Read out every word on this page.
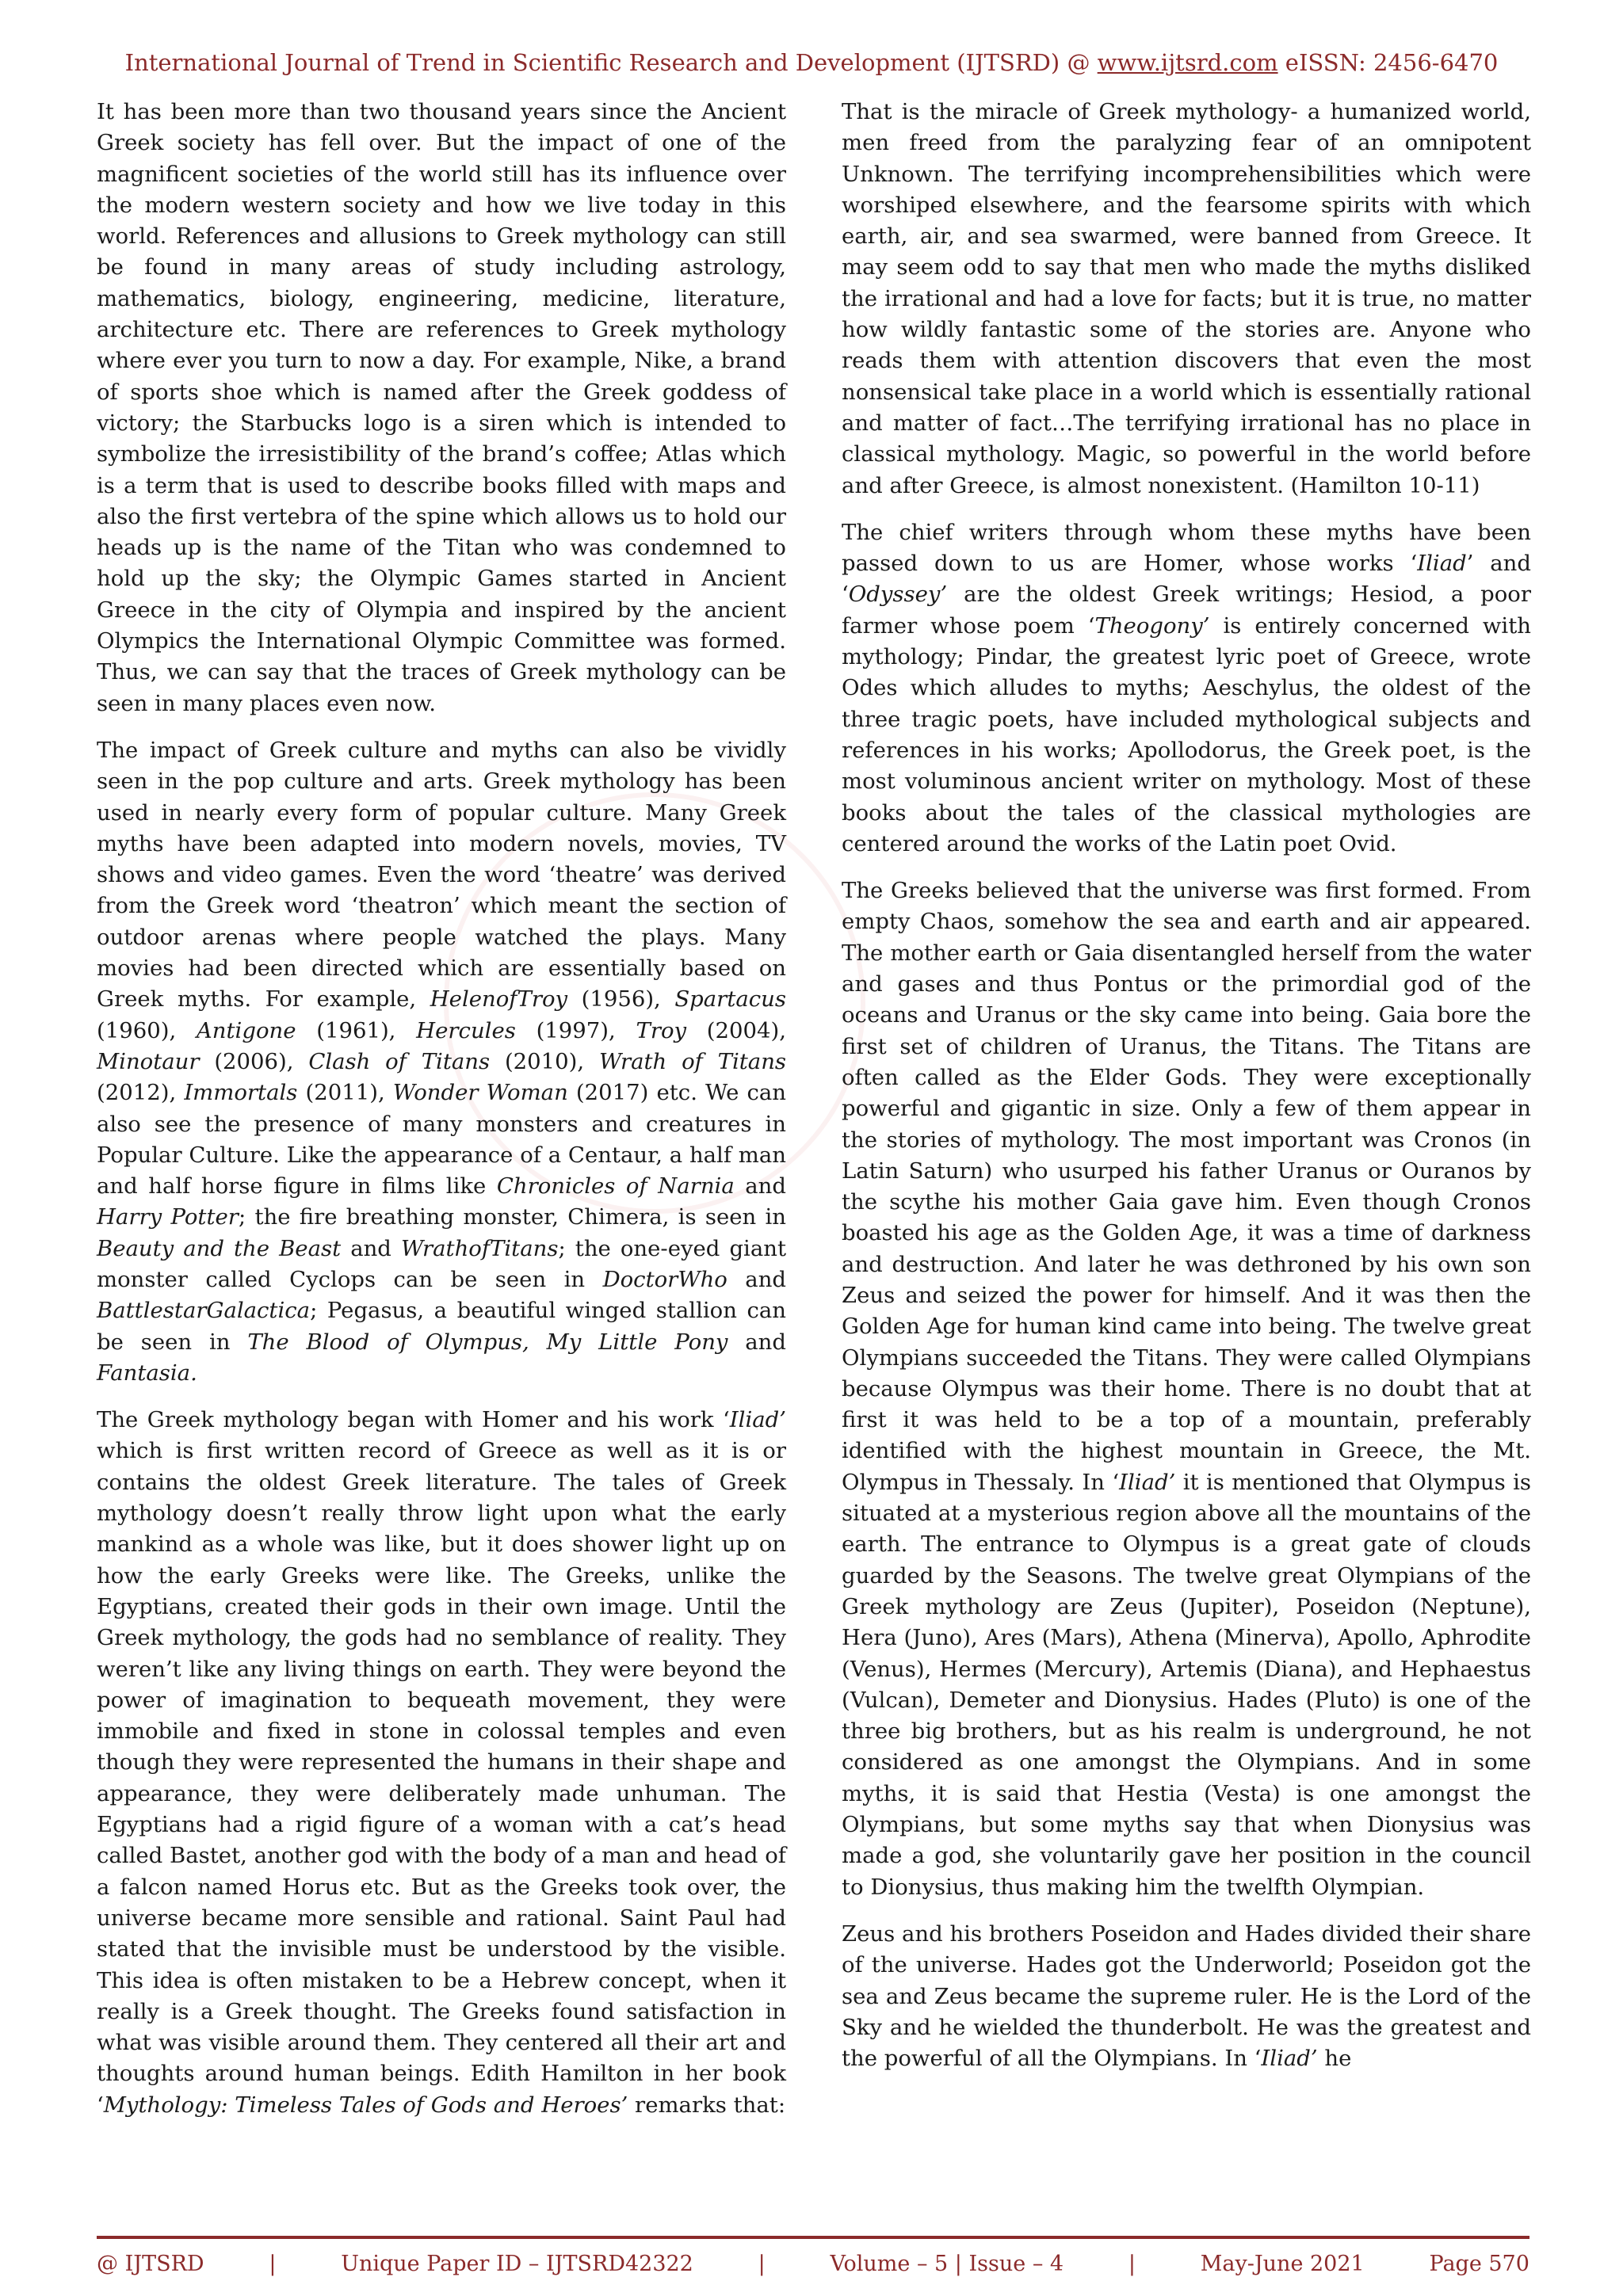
International Journal of Trend in Scientific Research and Development (IJTSRD) @ www.ijtsrd.com eISSN: 2456-6470

It has been more than two thousand years since the Ancient Greek society has fell over. But the impact of one of the magnificent societies of the world still has its influence over the modern western society and how we live today in this world. References and allusions to Greek mythology can still be found in many areas of study including astrology, mathematics, biology, engineering, medicine, literature, architecture etc. There are references to Greek mythology where ever you turn to now a day. For example, Nike, a brand of sports shoe which is named after the Greek goddess of victory; the Starbucks logo is a siren which is intended to symbolize the irresistibility of the brand’s coffee; Atlas which is a term that is used to describe books filled with maps and also the first vertebra of the spine which allows us to hold our heads up is the name of the Titan who was condemned to hold up the sky; the Olympic Games started in Ancient Greece in the city of Olympia and inspired by the ancient Olympics the International Olympic Committee was formed. Thus, we can say that the traces of Greek mythology can be seen in many places even now.

The impact of Greek culture and myths can also be vividly seen in the pop culture and arts. Greek mythology has been used in nearly every form of popular culture. Many Greek myths have been adapted into modern novels, movies, TV shows and video games. Even the word ‘theatre’ was derived from the Greek word ‘theatron’ which meant the section of outdoor arenas where people watched the plays. Many movies had been directed which are essentially based on Greek myths. For example, HelenofTroy (1956), Spartacus (1960), Antigone (1961), Hercules (1997), Troy (2004), Minotaur (2006), Clash of Titans (2010), Wrath of Titans (2012), Immortals (2011), Wonder Woman (2017) etc. We can also see the presence of many monsters and creatures in Popular Culture. Like the appearance of a Centaur, a half man and half horse figure in films like Chronicles of Narnia and Harry Potter; the fire breathing monster, Chimera, is seen in Beauty and the Beast and WrathofTitans; the one-eyed giant monster called Cyclops can be seen in DoctorWho and BattlestarGalactica; Pegasus, a beautiful winged stallion can be seen in The Blood of Olympus, My Little Pony and Fantasia.

The Greek mythology began with Homer and his work ‘Iliad’ which is first written record of Greece as well as it is or contains the oldest Greek literature. The tales of Greek mythology doesn’t really throw light upon what the early mankind as a whole was like, but it does shower light up on how the early Greeks were like. The Greeks, unlike the Egyptians, created their gods in their own image. Until the Greek mythology, the gods had no semblance of reality. They weren’t like any living things on earth. They were beyond the power of imagination to bequeath movement, they were immobile and fixed in stone in colossal temples and even though they were represented the humans in their shape and appearance, they were deliberately made unhuman. The Egyptians had a rigid figure of a woman with a cat’s head called Bastet, another god with the body of a man and head of a falcon named Horus etc. But as the Greeks took over, the universe became more sensible and rational. Saint Paul had stated that the invisible must be understood by the visible. This idea is often mistaken to be a Hebrew concept, when it really is a Greek thought. The Greeks found satisfaction in what was visible around them. They centered all their art and thoughts around human beings. Edith Hamilton in her book ‘Mythology: Timeless Tales of Gods and Heroes’ remarks that:

That is the miracle of Greek mythology- a humanized world, men freed from the paralyzing fear of an omnipotent Unknown. The terrifying incomprehensibilities which were worshiped elsewhere, and the fearsome spirits with which earth, air, and sea swarmed, were banned from Greece. It may seem odd to say that men who made the myths disliked the irrational and had a love for facts; but it is true, no matter how wildly fantastic some of the stories are. Anyone who reads them with attention discovers that even the most nonsensical take place in a world which is essentially rational and matter of fact…The terrifying irrational has no place in classical mythology. Magic, so powerful in the world before and after Greece, is almost nonexistent. (Hamilton 10-11)

The chief writers through whom these myths have been passed down to us are Homer, whose works ‘Iliad’ and ‘Odyssey’ are the oldest Greek writings; Hesiod, a poor farmer whose poem ‘Theogony’ is entirely concerned with mythology; Pindar, the greatest lyric poet of Greece, wrote Odes which alludes to myths; Aeschylus, the oldest of the three tragic poets, have included mythological subjects and references in his works; Apollodorus, the Greek poet, is the most voluminous ancient writer on mythology. Most of these books about the tales of the classical mythologies are centered around the works of the Latin poet Ovid.

The Greeks believed that the universe was first formed. From empty Chaos, somehow the sea and earth and air appeared. The mother earth or Gaia disentangled herself from the water and gases and thus Pontus or the primordial god of the oceans and Uranus or the sky came into being. Gaia bore the first set of children of Uranus, the Titans. The Titans are often called as the Elder Gods. They were exceptionally powerful and gigantic in size. Only a few of them appear in the stories of mythology. The most important was Cronos (in Latin Saturn) who usurped his father Uranus or Ouranos by the scythe his mother Gaia gave him. Even though Cronos boasted his age as the Golden Age, it was a time of darkness and destruction. And later he was dethroned by his own son Zeus and seized the power for himself. And it was then the Golden Age for human kind came into being. The twelve great Olympians succeeded the Titans. They were called Olympians because Olympus was their home. There is no doubt that at first it was held to be a top of a mountain, preferably identified with the highest mountain in Greece, the Mt. Olympus in Thessaly. In ‘Iliad’ it is mentioned that Olympus is situated at a mysterious region above all the mountains of the earth. The entrance to Olympus is a great gate of clouds guarded by the Seasons. The twelve great Olympians of the Greek mythology are Zeus (Jupiter), Poseidon (Neptune), Hera (Juno), Ares (Mars), Athena (Minerva), Apollo, Aphrodite (Venus), Hermes (Mercury), Artemis (Diana), and Hephaestus (Vulcan), Demeter and Dionysius. Hades (Pluto) is one of the three big brothers, but as his realm is underground, he not considered as one amongst the Olympians. And in some myths, it is said that Hestia (Vesta) is one amongst the Olympians, but some myths say that when Dionysius was made a god, she voluntarily gave her position in the council to Dionysius, thus making him the twelfth Olympian.

Zeus and his brothers Poseidon and Hades divided their share of the universe. Hades got the Underworld; Poseidon got the sea and Zeus became the supreme ruler. He is the Lord of the Sky and he wielded the thunderbolt. He was the greatest and the powerful of all the Olympians. In ‘Iliad’ he

@ IJTSRD	|	Unique Paper ID – IJTSRD42322	|	Volume – 5 | Issue – 4	|	May-June 2021	Page 570
